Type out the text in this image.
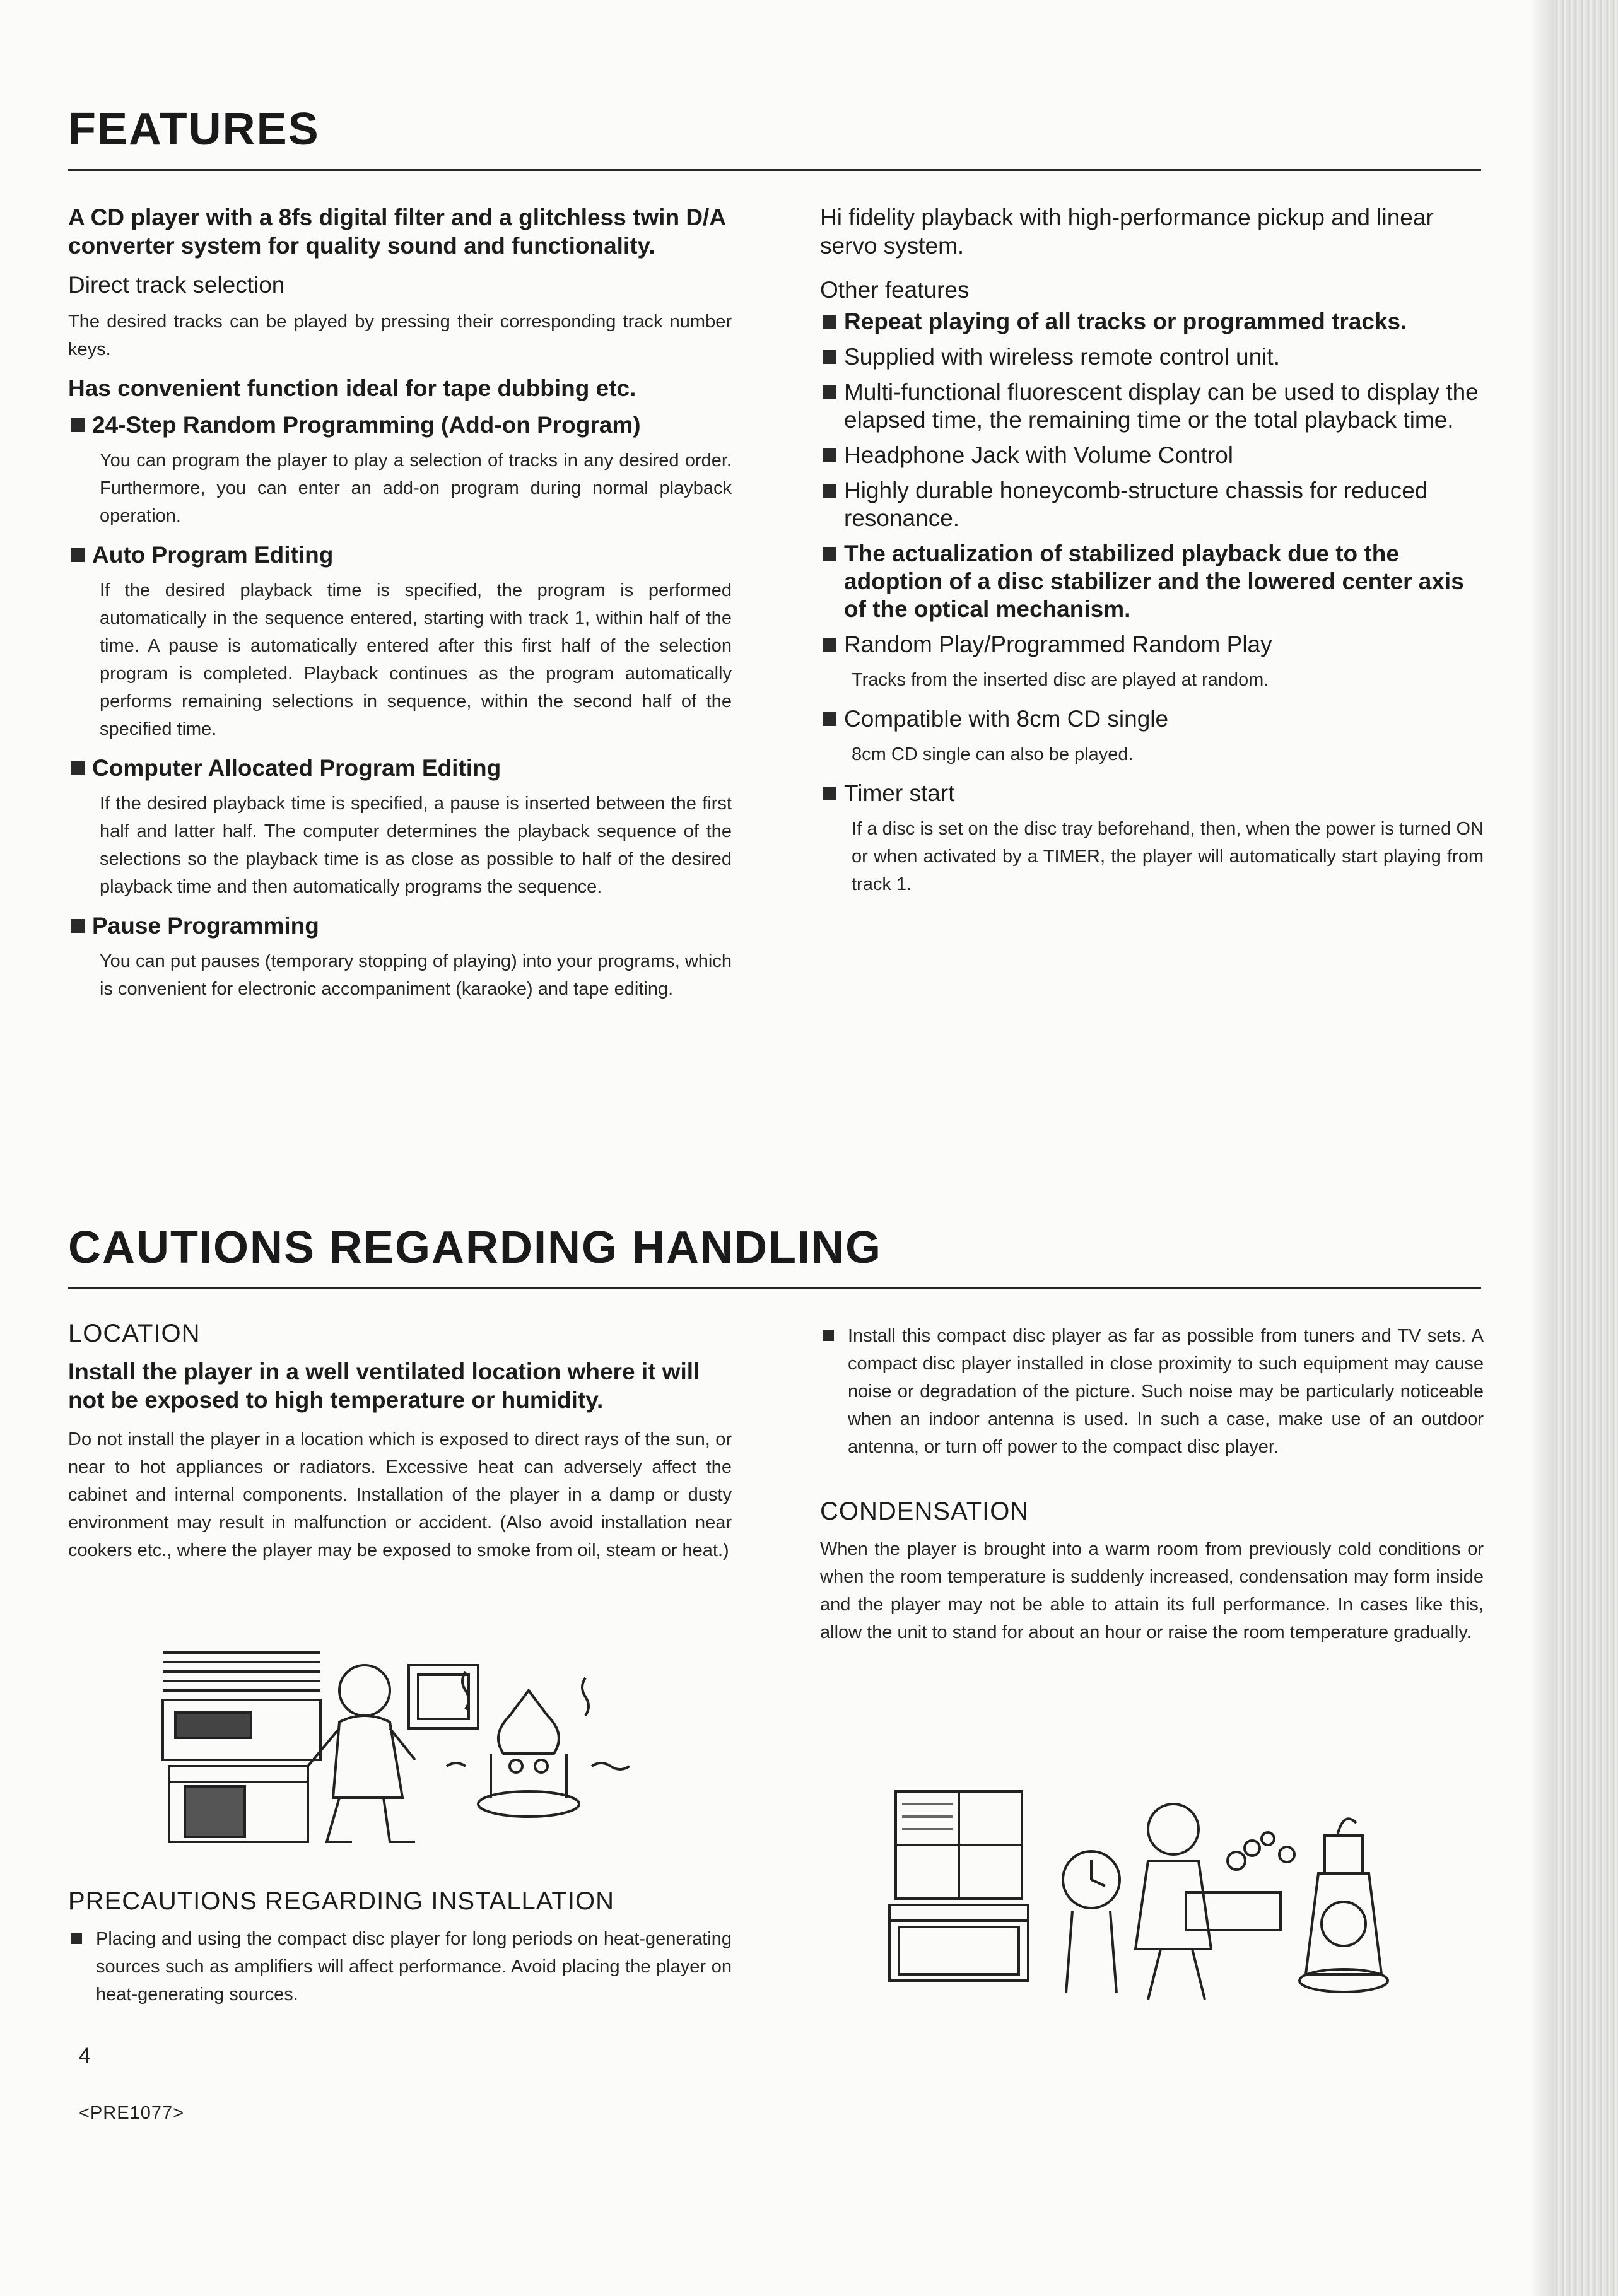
FEATURES

A CD player with a 8fs digital filter and a glitchless twin D/A converter system for quality sound and functionality.

Direct track selection

The desired tracks can be played by pressing their corresponding track number keys.

Has convenient function ideal for tape dubbing etc.

24-Step Random Programming (Add-on Program)

You can program the player to play a selection of tracks in any desired order. Furthermore, you can enter an add-on program during normal playback operation.

Auto Program Editing

If the desired playback time is specified, the program is performed automatically in the sequence entered, starting with track 1, within half of the time. A pause is automatically entered after this first half of the selection program is completed. Playback continues as the program automatically performs remaining selections in sequence, within the second half of the specified time.

Computer Allocated Program Editing

If the desired playback time is specified, a pause is inserted between the first half and latter half. The computer determines the playback sequence of the selections so the playback time is as close as possible to half of the desired playback time and then automatically programs the sequence.

Pause Programming

You can put pauses (temporary stopping of playing) into your programs, which is convenient for electronic accompaniment (karaoke) and tape editing.

Hi fidelity playback with high-performance pickup and linear servo system.

Other features

Repeat playing of all tracks or programmed tracks.
Supplied with wireless remote control unit.
Multi-functional fluorescent display can be used to display the elapsed time, the remaining time or the total playback time.
Headphone Jack with Volume Control
Highly durable honeycomb-structure chassis for reduced resonance.
The actualization of stabilized playback due to the adoption of a disc stabilizer and the lowered center axis of the optical mechanism.
Random Play/Programmed Random Play

Tracks from the inserted disc are played at random.

Compatible with 8cm CD single

8cm CD single can also be played.

Timer start

If a disc is set on the disc tray beforehand, then, when the power is turned ON or when activated by a TIMER, the player will automatically start playing from track 1.

CAUTIONS REGARDING HANDLING

LOCATION

Install the player in a well ventilated location where it will not be exposed to high temperature or humidity.

Do not install the player in a location which is exposed to direct rays of the sun, or near to hot appliances or radiators. Excessive heat can adversely affect the cabinet and internal components. Installation of the player in a damp or dusty environment may result in malfunction or accident. (Also avoid installation near cookers etc., where the player may be exposed to smoke from oil, steam or heat.)

PRECAUTIONS REGARDING INSTALLATION

Placing and using the compact disc player for long periods on heat-generating sources such as amplifiers will affect performance. Avoid placing the player on heat-generating sources.
Install this compact disc player as far as possible from tuners and TV sets. A compact disc player installed in close proximity to such equipment may cause noise or degradation of the picture. Such noise may be particularly noticeable when an indoor antenna is used. In such a case, make use of an outdoor antenna, or turn off power to the compact disc player.

CONDENSATION

When the player is brought into a warm room from previously cold conditions or when the room temperature is suddenly increased, condensation may form inside and the player may not be able to attain its full performance. In cases like this, allow the unit to stand for about an hour or raise the room temperature gradually.

4
<PRE1077>
